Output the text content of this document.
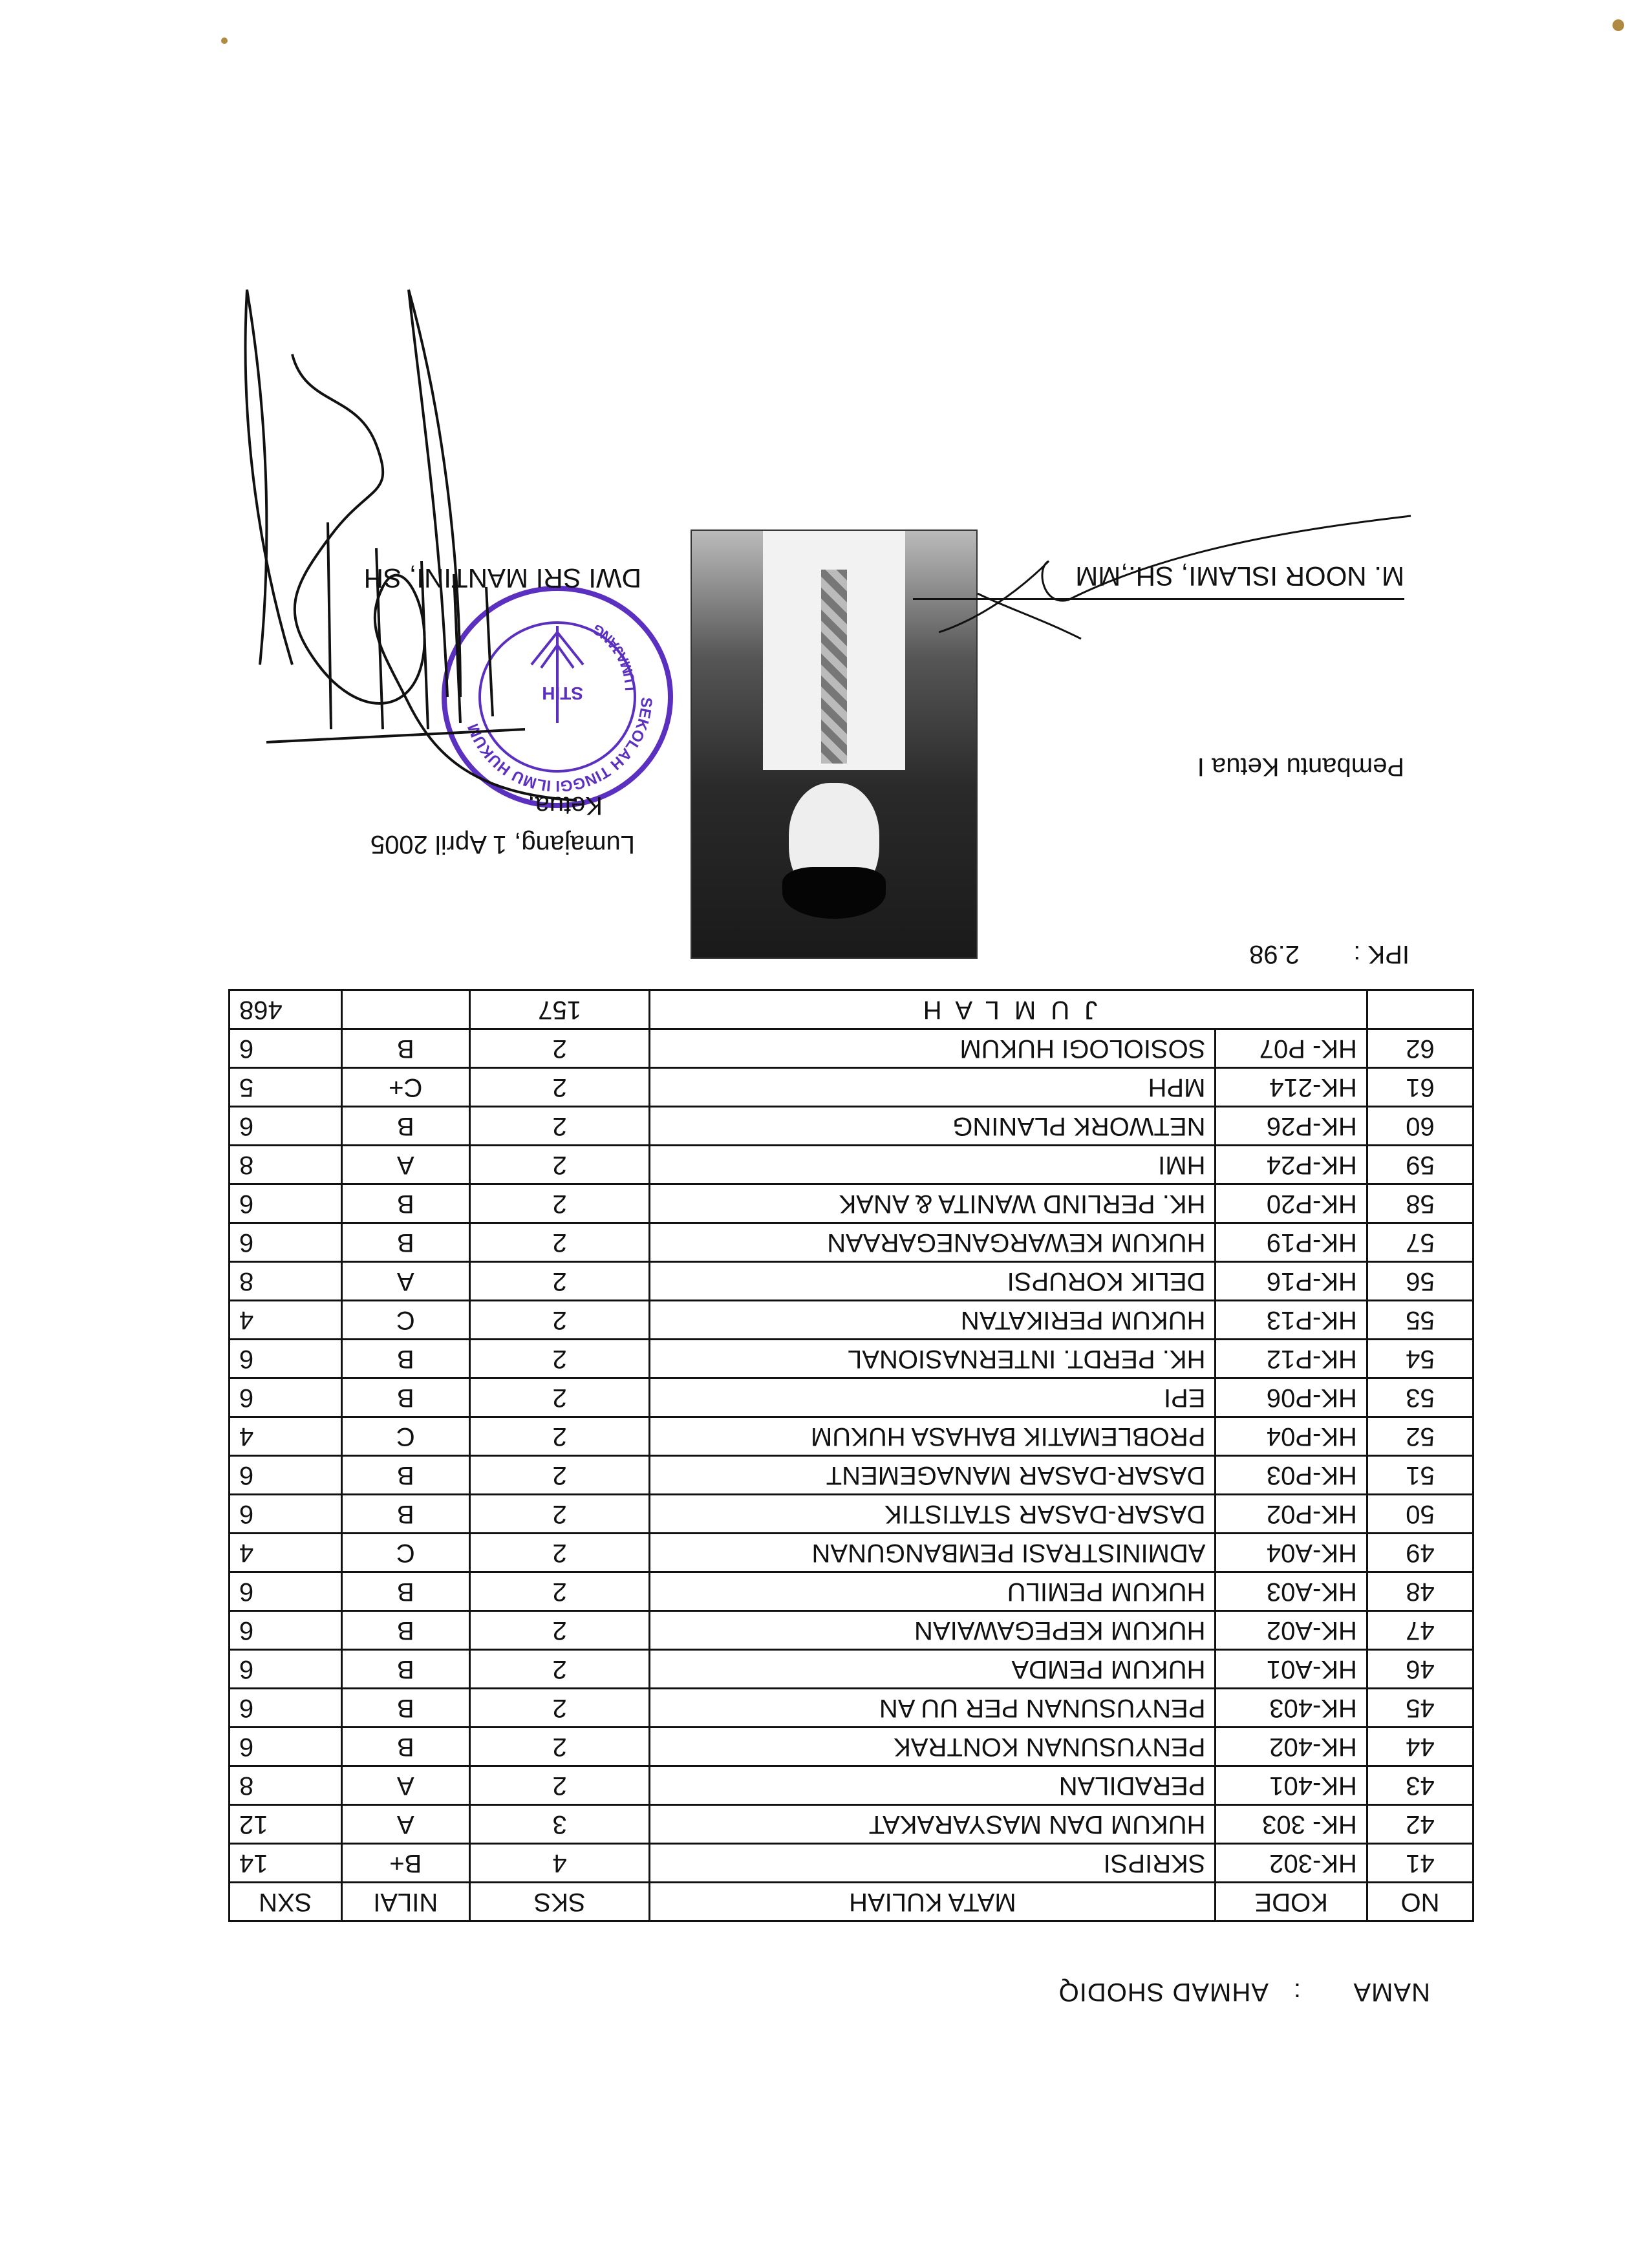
NAMA:AHMAD SHODIQ
NO	KODE	MATA KULIAH	SKS	NILAI	SXN
41	HK-302	SKRIPSI	4	B+	14
42	HK- 303	HUKUM DAN MASYARAKAT	3	A	12
43	HK-401	PERADILAN	2	A	8
44	HK-402	PENYUSUNAN KONTRAK	2	B	6
45	HK-403	PENYUSUNAN PER UU AN	2	B	6
46	HK-A01	HUKUM PEMDA	2	B	6
47	HK-A02	HUKUM KEPEGAWAIAN	2	B	6
48	HK-A03	HUKUM PEMILU	2	B	6
49	HK-A04	ADMINISTRASI PEMBANGUNAN	2	C	4
50	HK-P02	DASAR-DASAR STATISTIK	2	B	6
51	HK-P03	DASAR-DASAR MANAGEMENT	2	B	6
52	HK-P04	PROBLEMATIK BAHASA HUKUM	2	C	4
53	HK-P06	EPI	2	B	6
54	HK-P12	HK. PERDT. INTERNASIONAL	2	B	6
55	HK-P13	HUKUM PERIKATAN	2	C	4
56	HK-P16	DELIK KORUPSI	2	A	8
57	HK-P19	HUKUM KEWARGANEGARAAN	2	B	6
58	HK-P20	HK. PERLIND WANITA & ANAK	2	B	6
59	HK-P24	HMI	2	A	8
60	HK-P26	NETWORK PLANING	2	B	6
61	HK-214	MPH	2	C+	5
62	HK- P07	SOSIOLOGI HUKUM	2	B	6
	J U M L A H		157		468
IPK :2.98
SEKOLAH TINGGI ILMU HUKUM
LUMAJANG
STIH
Lumajang, 1 April 2005
Ketua,
Pembantu Ketua I
M. NOOR ISLAMI, SH.,MM
DWI SRI MANTINI, SH
